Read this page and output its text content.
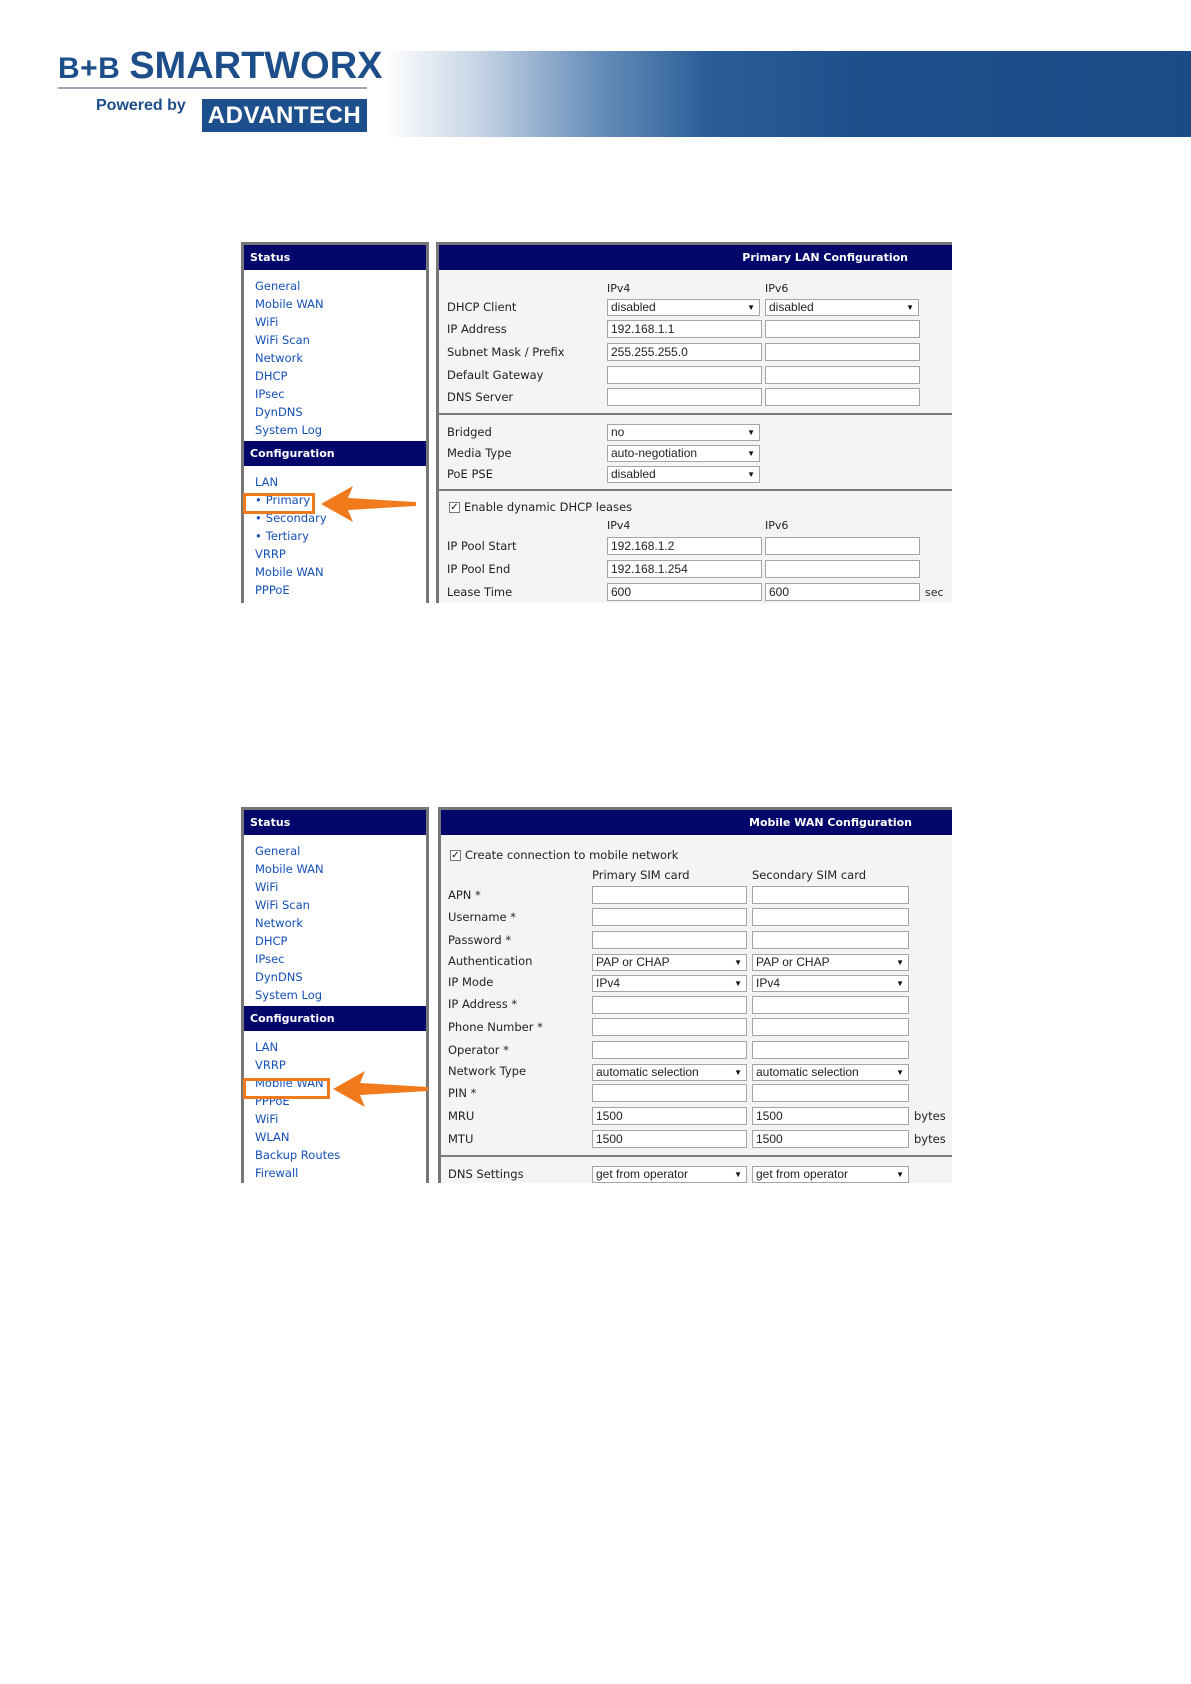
B+B SMARTWORX
Powered by ADVANTECH
Status
General
Mobile WAN
WiFi
WiFi Scan
Network
DHCP
IPsec
DynDNS
System Log
Configuration
LAN
• Primary
• Secondary
• Tertiary
VRRP
Mobile WAN
PPPoE
Primary LAN Configuration
IPv4	IPv6
DHCP Client	disabled	▼	disabled	▼
IP Address	192.168.1.1
Subnet Mask / Prefix	255.255.255.0
Default Gateway
DNS Server
Bridged	no	▼
Media Type	auto-negotiation	▼
PoE PSE	disabled	▼
✓ Enable dynamic DHCP leases
IPv4	IPv6
IP Pool Start	192.168.1.2
IP Pool End	192.168.1.254
Lease Time	600	600	sec
Status
General
Mobile WAN
WiFi
WiFi Scan
Network
DHCP
IPsec
DynDNS
System Log
Configuration
LAN
VRRP
Mobile WAN
PPPoE
WiFi
WLAN
Backup Routes
Firewall
Mobile WAN Configuration
✓ Create connection to mobile network
Primary SIM card	Secondary SIM card
APN *
Username *
Password *
Authentication	PAP or CHAP	▼	PAP or CHAP	▼
IP Mode	IPv4	▼	IPv4	▼
IP Address *
Phone Number *
Operator *
Network Type	automatic selection	▼	automatic selection	▼
PIN *
MRU	1500	1500	bytes
MTU	1500	1500	bytes
DNS Settings	get from operator	▼	get from operator	▼
